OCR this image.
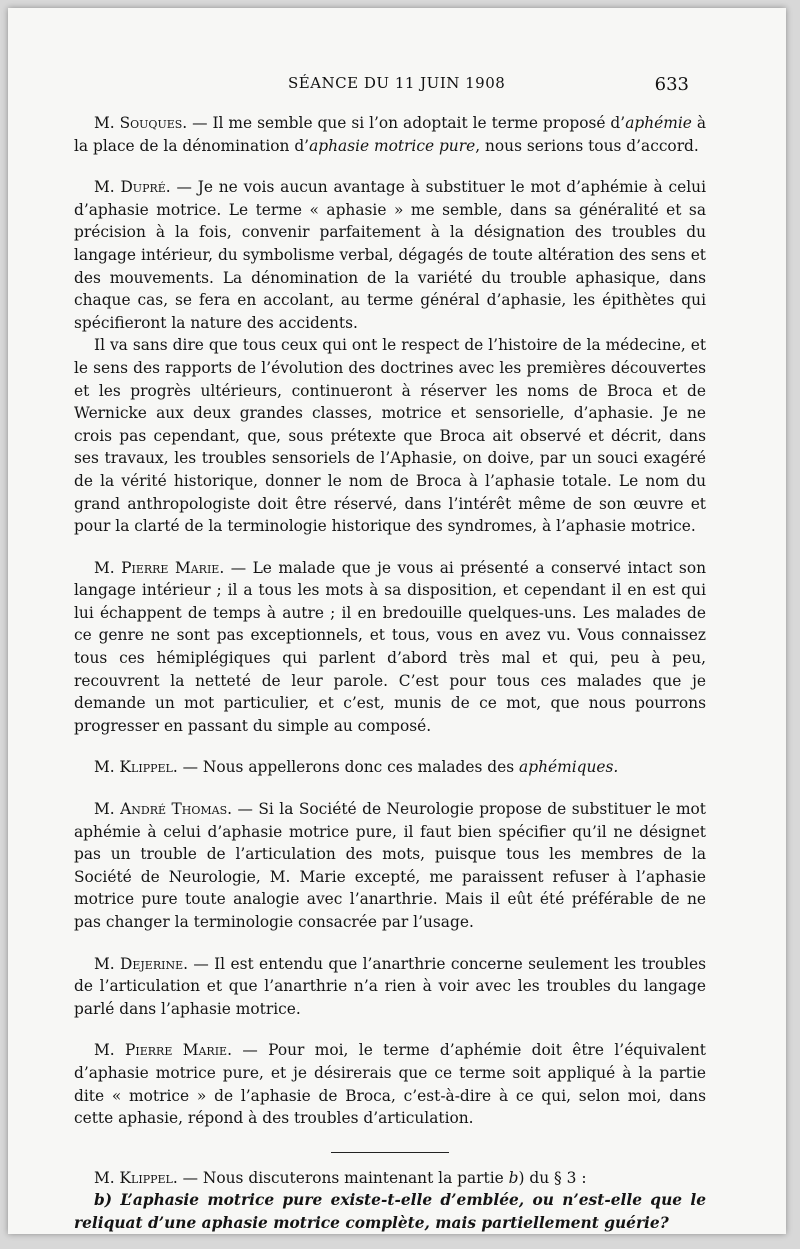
SÉANCE DU 11 JUIN 1908	633

M. Souques. — Il me semble que si l’on adoptait le terme proposé d’aphémie à la place de la dénomination d’aphasie motrice pure, nous serions tous d’accord.

M. Dupré. — Je ne vois aucun avantage à substituer le mot d’aphémie à celui d’aphasie motrice. Le terme « aphasie » me semble, dans sa généralité et sa précision à la fois, convenir parfaitement à la désignation des troubles du langage intérieur, du symbolisme verbal, dégagés de toute altération des sens et des mouvements. La dénomination de la variété du trouble aphasique, dans chaque cas, se fera en accolant, au terme général d’aphasie, les épithètes qui spécifieront la nature des accidents.

Il va sans dire que tous ceux qui ont le respect de l’histoire de la médecine, et le sens des rapports de l’évolution des doctrines avec les premières découvertes et les progrès ultérieurs, continueront à réserver les noms de Broca et de Wernicke aux deux grandes classes, motrice et sensorielle, d’aphasie. Je ne crois pas cependant, que, sous prétexte que Broca ait observé et décrit, dans ses travaux, les troubles sensoriels de l’Aphasie, on doive, par un souci exagéré de la vérité historique, donner le nom de Broca à l’aphasie totale. Le nom du grand anthropologiste doit être réservé, dans l’intérêt même de son œuvre et pour la clarté de la terminologie historique des syndromes, à l’aphasie motrice.

M. Pierre Marie. — Le malade que je vous ai présenté a conservé intact son langage intérieur ; il a tous les mots à sa disposition, et cependant il en est qui lui échappent de temps à autre ; il en bredouille quelques-uns. Les malades de ce genre ne sont pas exceptionnels, et tous, vous en avez vu. Vous connaissez tous ces hémiplégiques qui parlent d’abord très mal et qui, peu à peu, recouvrent la netteté de leur parole. C’est pour tous ces malades que je demande un mot particulier, et c’est, munis de ce mot, que nous pourrons progresser en passant du simple au composé.

M. Klippel. — Nous appellerons donc ces malades des aphémiques.

M. André Thomas. — Si la Société de Neurologie propose de substituer le mot aphémie à celui d’aphasie motrice pure, il faut bien spécifier qu’il ne désignet pas un trouble de l’articulation des mots, puisque tous les membres de la Société de Neurologie, M. Marie excepté, me paraissent refuser à l’aphasie motrice pure toute analogie avec l’anarthrie. Mais il eût été préférable de ne pas changer la terminologie consacrée par l’usage.

M. Dejerine. — Il est entendu que l’anarthrie concerne seulement les troubles de l’articulation et que l’anarthrie n’a rien à voir avec les troubles du langage parlé dans l’aphasie motrice.

M. Pierre Marie. — Pour moi, le terme d’aphémie doit être l’équivalent d’aphasie motrice pure, et je désirerais que ce terme soit appliqué à la partie dite « motrice » de l’aphasie de Broca, c’est-à-dire à ce qui, selon moi, dans cette aphasie, répond à des troubles d’articulation.

M. Klippel. — Nous discuterons maintenant la partie b) du § 3 :

b) L’aphasie motrice pure existe-t-elle d’emblée, ou n’est-elle que le reliquat d’une aphasie motrice complète, mais partiellement guérie?
